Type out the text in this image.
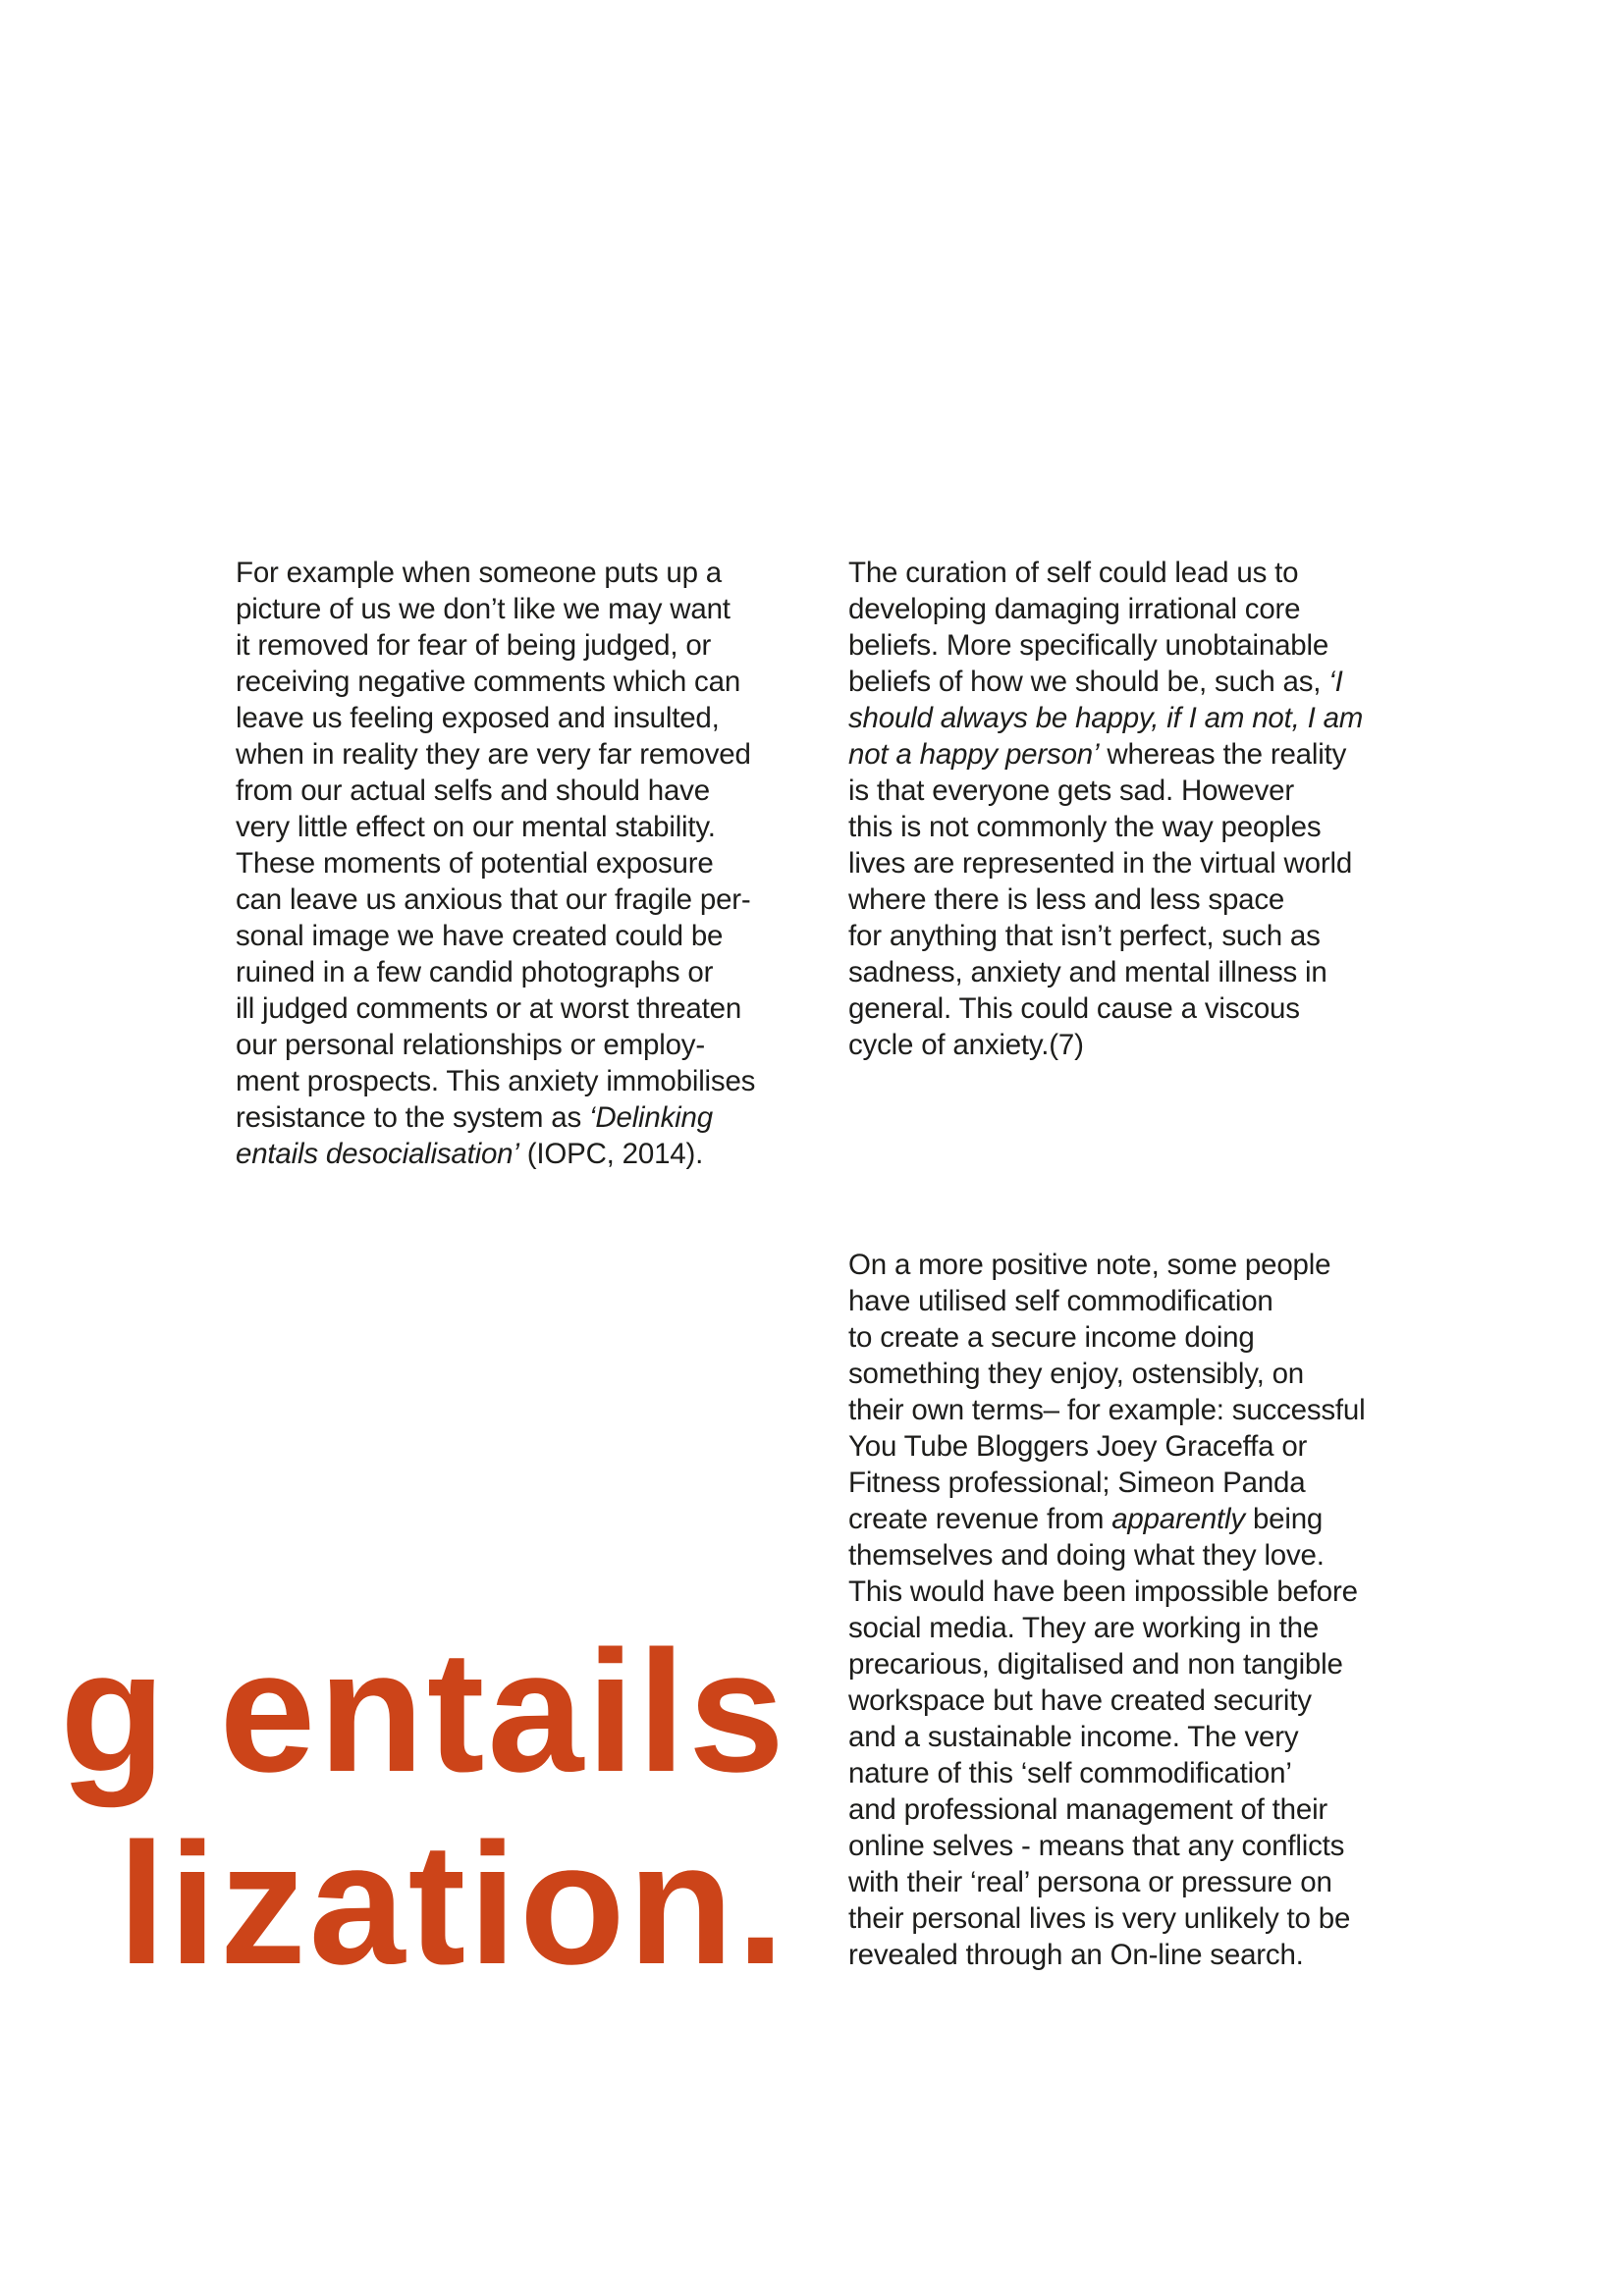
For example when someone puts up a
picture of us we don’t like we may want
it removed for fear of being judged, or
receiving negative comments which can
leave us feeling exposed and insulted,
when in reality they are very far removed
from our actual selfs and should have
very little effect on our mental stability.
These moments of potential exposure
can leave us anxious that our fragile per-
sonal image we have created could be
ruined in a few candid photographs or
ill judged comments or at worst threaten
our personal relationships or employ-
ment prospects. This anxiety immobilises
resistance to the system as ‘Delinking
entails desocialisation’ (IOPC, 2014).

The curation of self could lead us to
developing damaging irrational core
beliefs. More specifically unobtainable
beliefs of how we should be, such as, ‘I
should always be happy, if I am not, I am
not a happy person’ whereas the reality
is that everyone gets sad. However
this is not commonly the way peoples
lives are represented in the virtual world
where there is less and less space
for anything that isn’t perfect, such as
sadness, anxiety and mental illness in
general. This could cause a viscous
cycle of anxiety.(7)

On a more positive note, some people
have utilised self commodification
to create a secure income doing
something they enjoy, ostensibly, on
their own terms– for example: successful
You Tube Bloggers Joey Graceffa or
Fitness professional; Simeon Panda
create revenue from apparently being
themselves and doing what they love.
This would have been impossible before
social media. They are working in the
precarious, digitalised and non tangible
workspace but have created security
and a sustainable income. The very
nature of this ‘self commodification’
and professional management of their
online selves - means that any conflicts
with their ‘real’ persona or pressure on
their personal lives is very unlikely to be
revealed through an On-line search.

g entails
lization.
